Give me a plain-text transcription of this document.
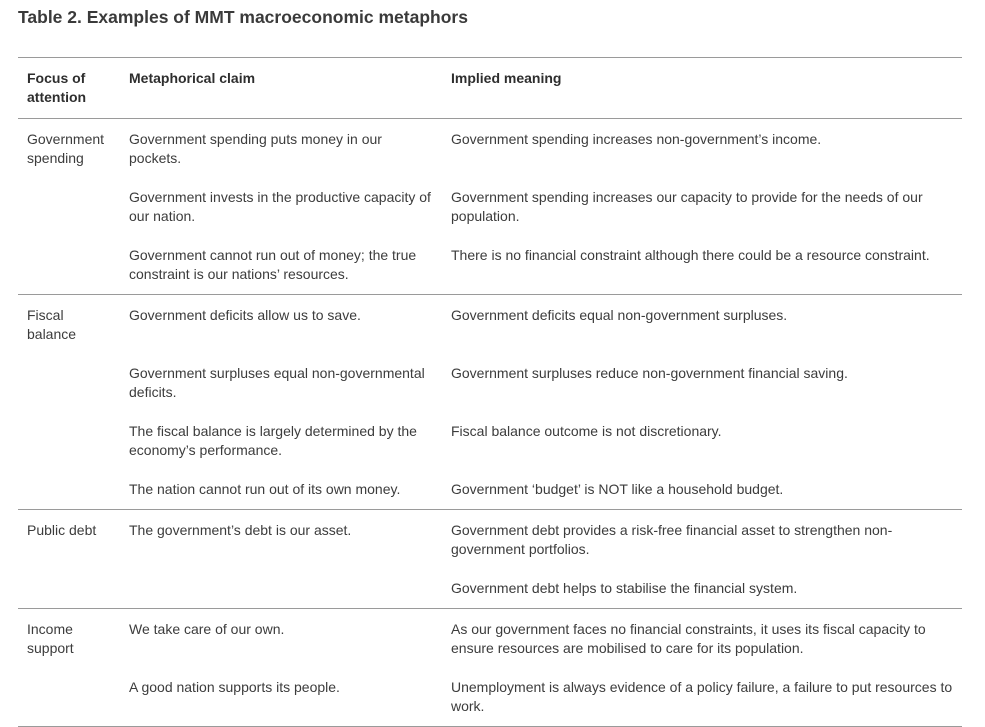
Table 2. Examples of MMT macroeconomic metaphors
Focus of attention	Metaphorical claim	Implied meaning
Government spending	Government spending puts money in our pockets.	Government spending increases non-government’s income.
	Government invests in the productive capacity of our nation.	Government spending increases our capacity to provide for the needs of our population.
	Government cannot run out of money; the true constraint is our nations’ resources.	There is no financial constraint although there could be a resource constraint.
Fiscal balance	Government deficits allow us to save.	Government deficits equal non-government surpluses.
	Government surpluses equal non-governmental deficits.	Government surpluses reduce non-government financial saving.
	The fiscal balance is largely determined by the economy’s performance.	Fiscal balance outcome is not discretionary.
	The nation cannot run out of its own money.	Government ‘budget’ is NOT like a household budget.
Public debt	The government’s debt is our asset.	Government debt provides a risk-free financial asset to strengthen non-government portfolios.
		Government debt helps to stabilise the financial system.
Income support	We take care of our own.	As our government faces no financial constraints, it uses its fiscal capacity to ensure resources are mobilised to care for its population.
	A good nation supports its people.	Unemployment is always evidence of a policy failure, a failure to put resources to work.
